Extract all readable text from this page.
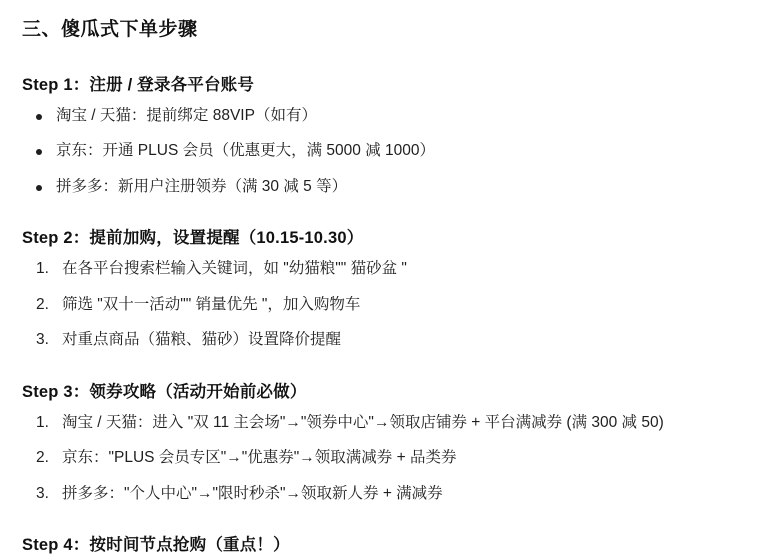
三、傻瓜式下单步骤
Step 1：注册 / 登录各平台账号
淘宝 / 天猫：提前绑定 88VIP（如有）
京东：开通 PLUS 会员（优惠更大，满 5000 减 1000）
拼多多：新用户注册领券（满 30 减 5 等）
Step 2：提前加购，设置提醒（10.15-10.30）
在各平台搜索栏输入关键词，如 "幼猫粮"" 猫砂盆 "
筛选 "双十一活动"" 销量优先 "，加入购物车
对重点商品（猫粮、猫砂）设置降价提醒
Step 3：领券攻略（活动开始前必做）
淘宝 / 天猫：进入 "双 11 主会场"→"领券中心"→领取店铺券 + 平台满减券 (满 300 减 50)
京东："PLUS 会员专区"→"优惠券"→领取满减券 + 品类券
拼多多："个人中心"→"限时秒杀"→领取新人券 + 满减券
Step 4：按时间节点抢购（重点！）
